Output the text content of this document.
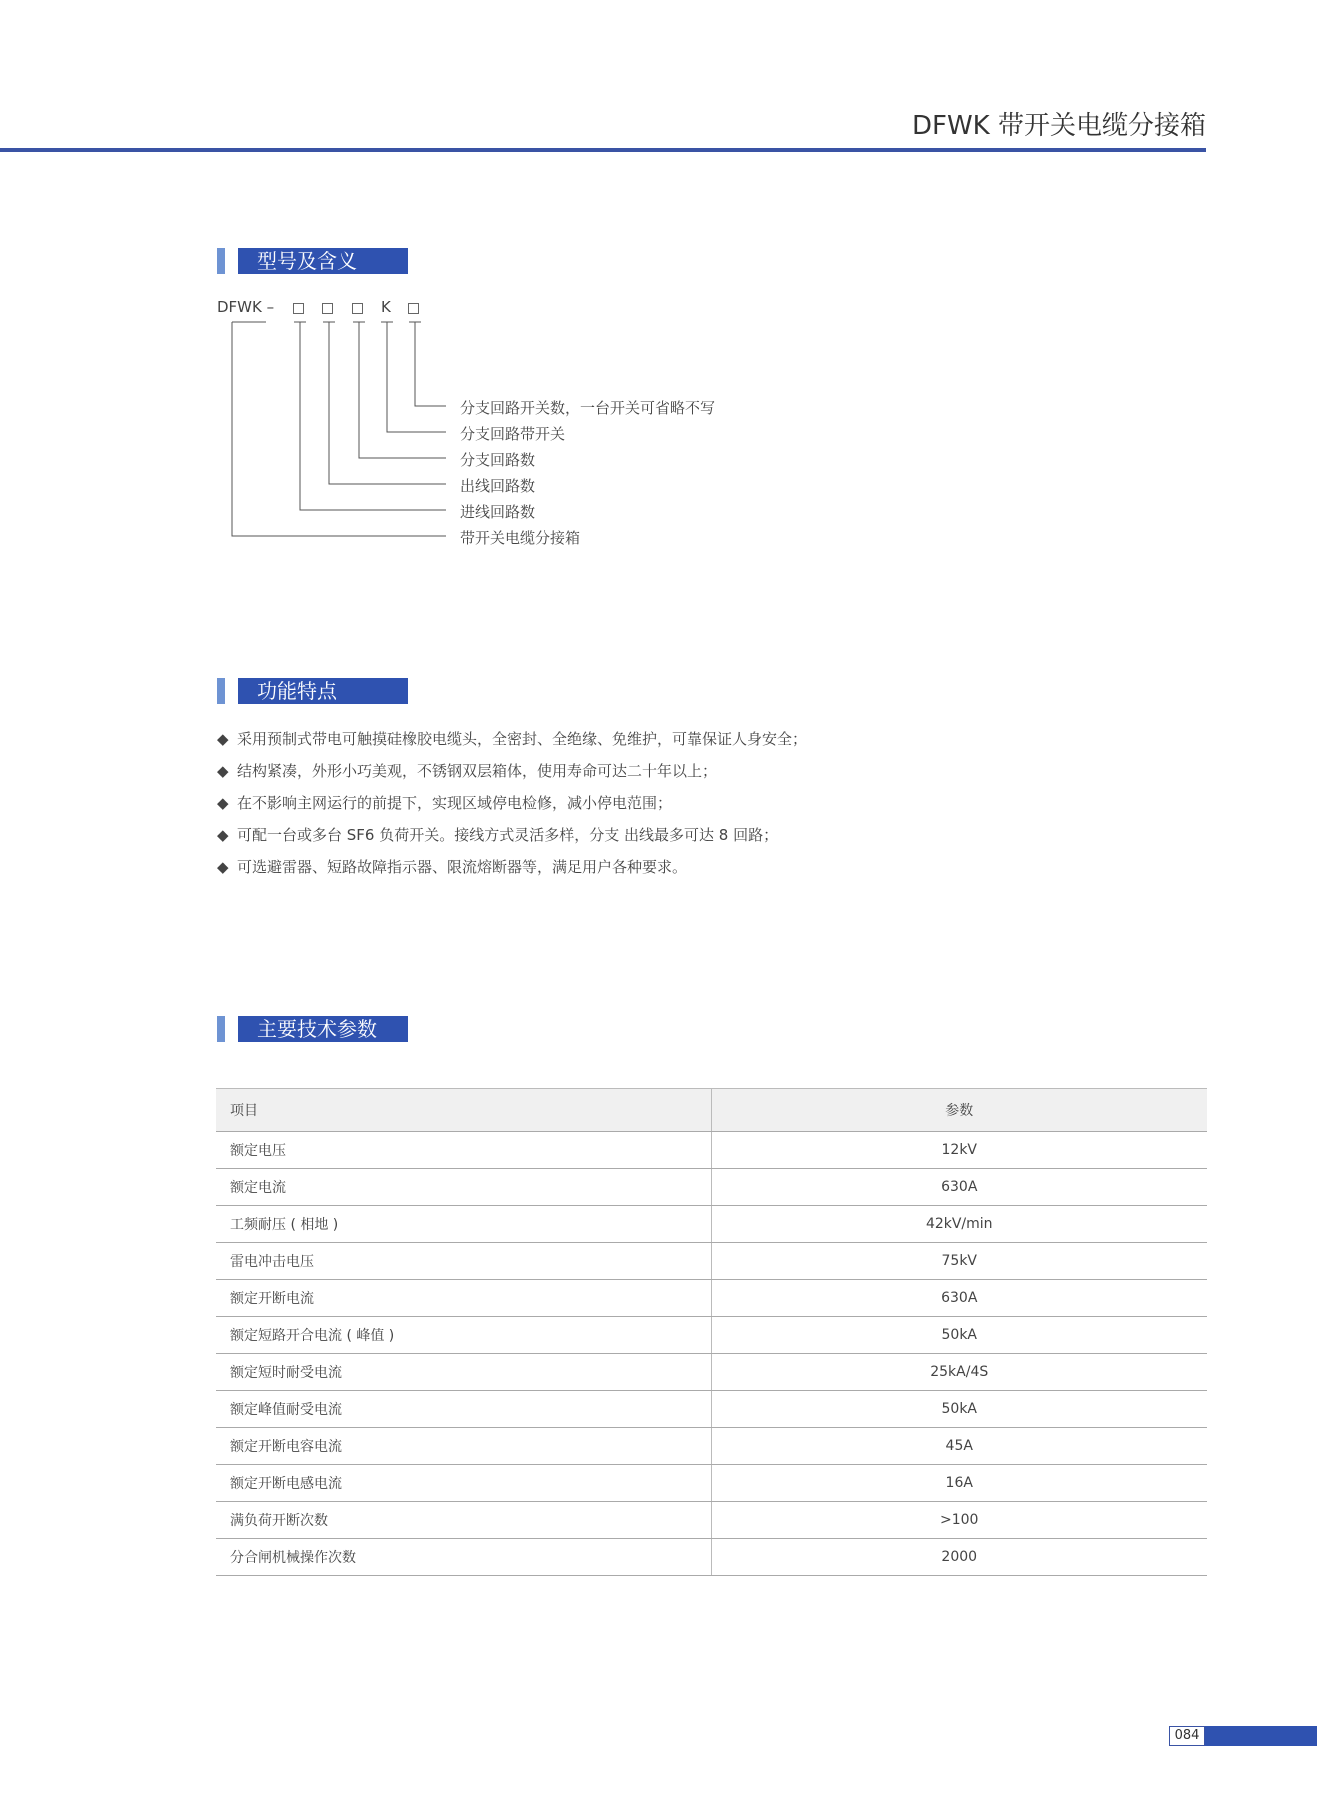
DFWK 带开关电缆分接箱
型号及含义
DFWK –	K
分支回路开关数，一台开关可省略不写
分支回路带开关
分支回路数
出线回路数
进线回路数
带开关电缆分接箱
功能特点
◆ 采用预制式带电可触摸硅橡胶电缆头，全密封、全绝缘、免维护，可靠保证人身安全；
◆ 结构紧凑，外形小巧美观，不锈钢双层箱体，使用寿命可达二十年以上；
◆ 在不影响主网运行的前提下，实现区域停电检修，减小停电范围；
◆ 可配一台或多台 SF6 负荷开关。接线方式灵活多样，分支 出线最多可达 8 回路；
◆ 可选避雷器、短路故障指示器、限流熔断器等，满足用户各种要求。
主要技术参数
项目	参数
额定电压	12kV
额定电流	630A
工频耐压 ( 相地 )	42kV/min
雷电冲击电压	75kV
额定开断电流	630A
额定短路开合电流 ( 峰值 )	50kA
额定短时耐受电流	25kA/4S
额定峰值耐受电流	50kA
额定开断电容电流	45A
额定开断电感电流	16A
满负荷开断次数	>100
分合闸机械操作次数	2000
084
